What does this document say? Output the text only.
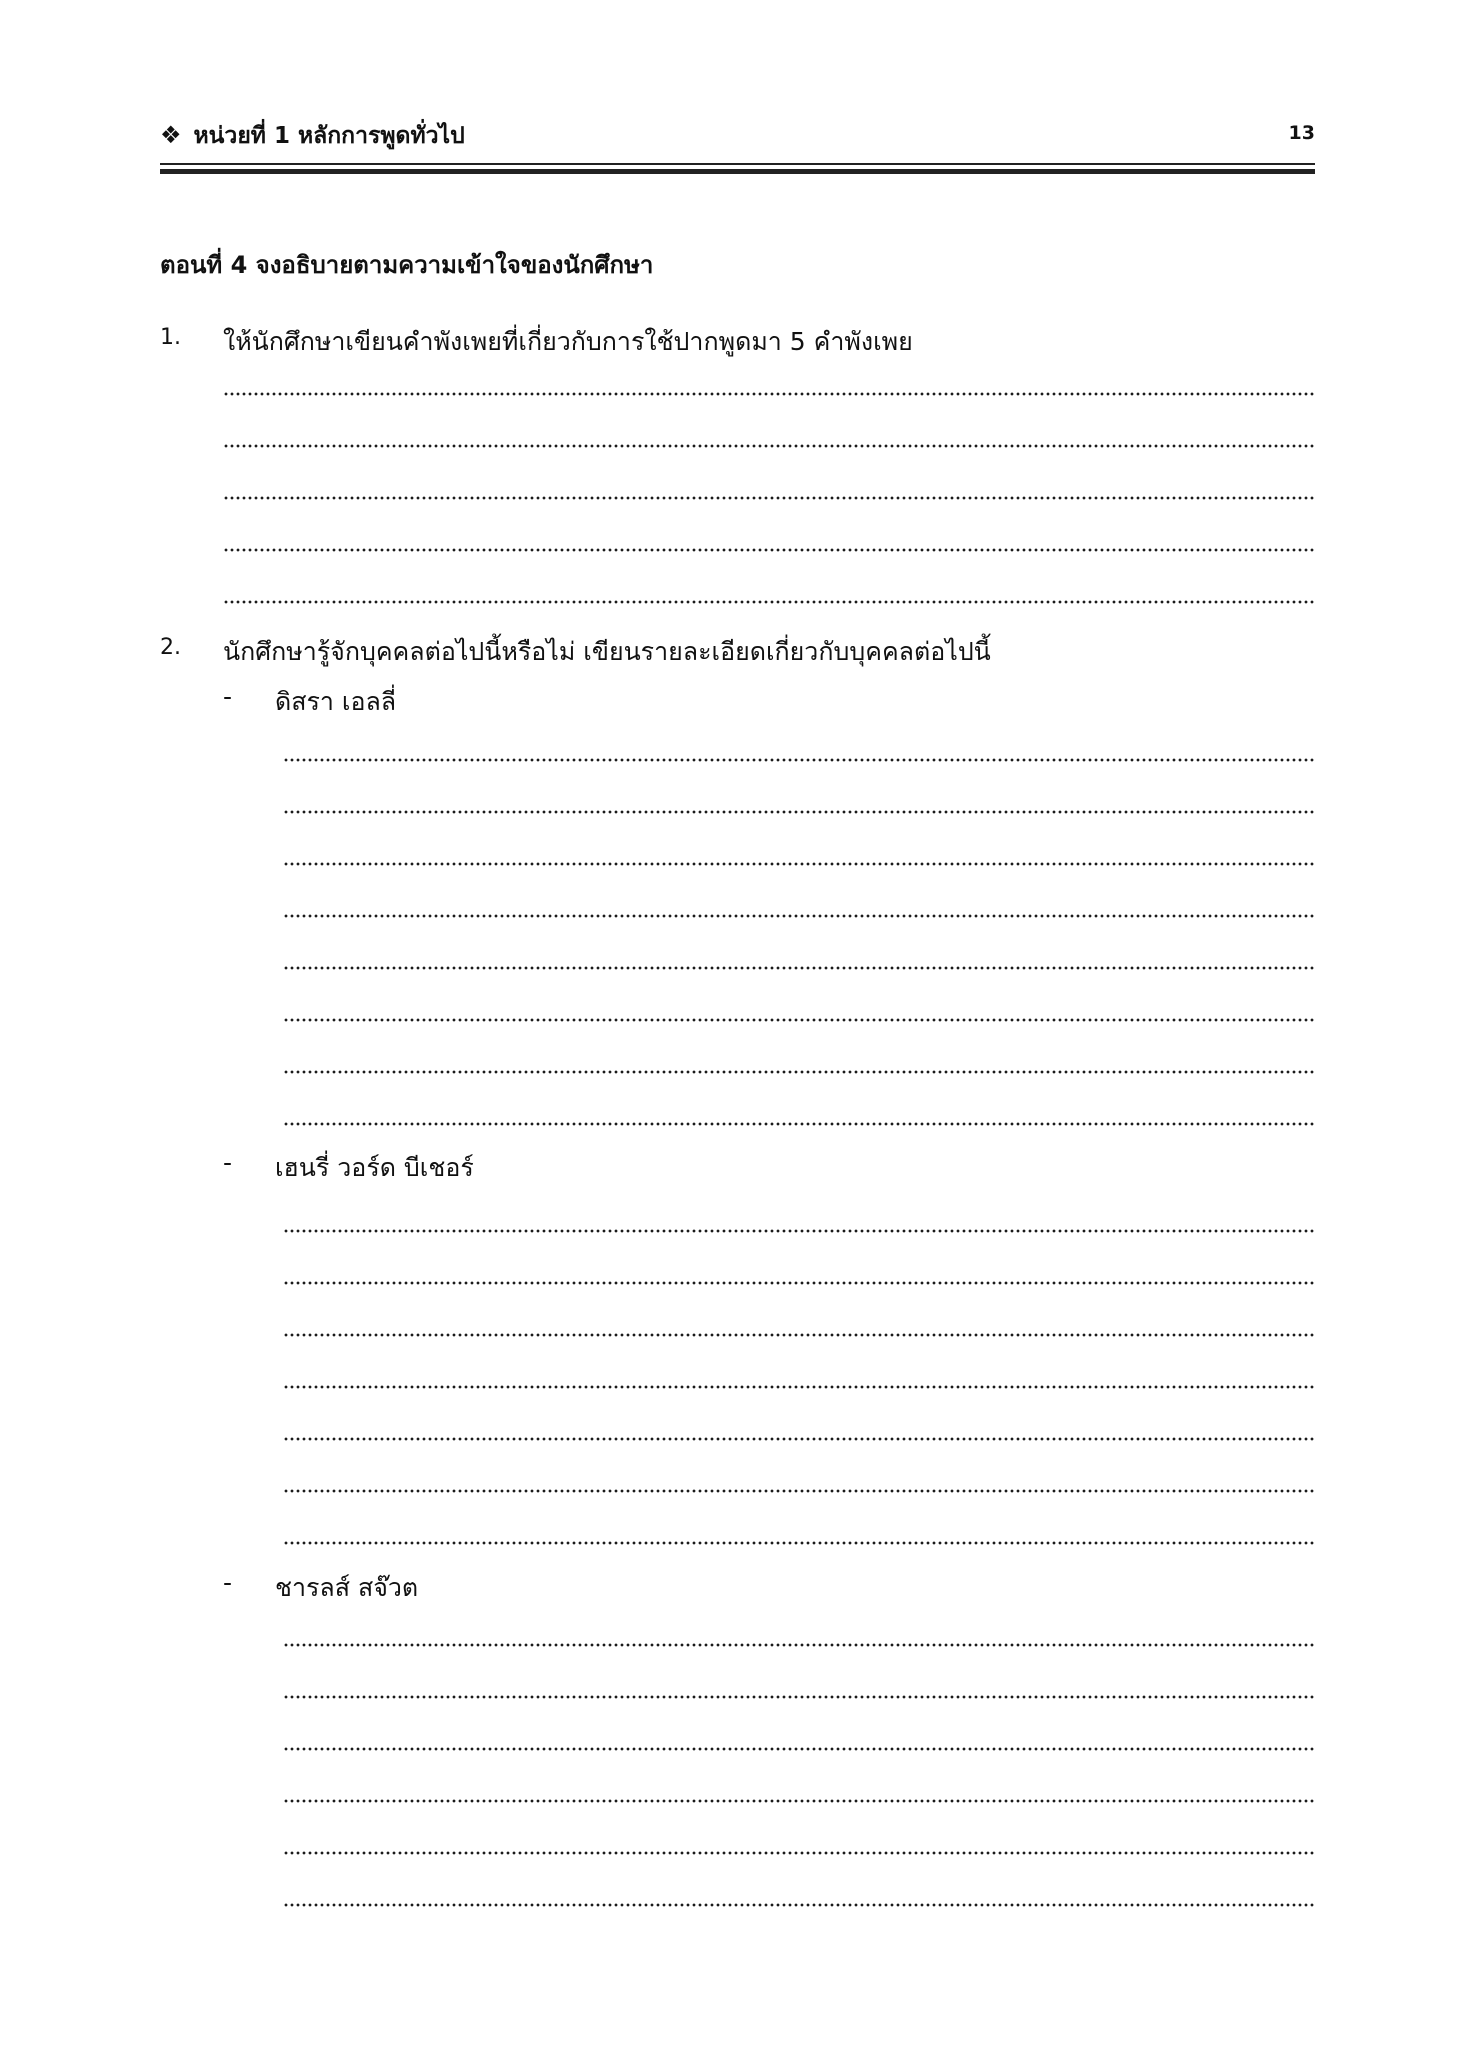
❖ หน่วยที่ 1 หลักการพูดทั่วไป	13
ตอนที่ 4 จงอธิบายตามความเข้าใจของนักศึกษา
1. ให้นักศึกษาเขียนคำพังเพยที่เกี่ยวกับการใช้ปากพูดมา 5 คำพังเพย
2. นักศึกษารู้จักบุคคลต่อไปนี้หรือไม่ เขียนรายละเอียดเกี่ยวกับบุคคลต่อไปนี้
- ดิสรา เอลลี่
- เฮนรี่ วอร์ด บีเชอร์
- ชารลส์ สจ๊วต
